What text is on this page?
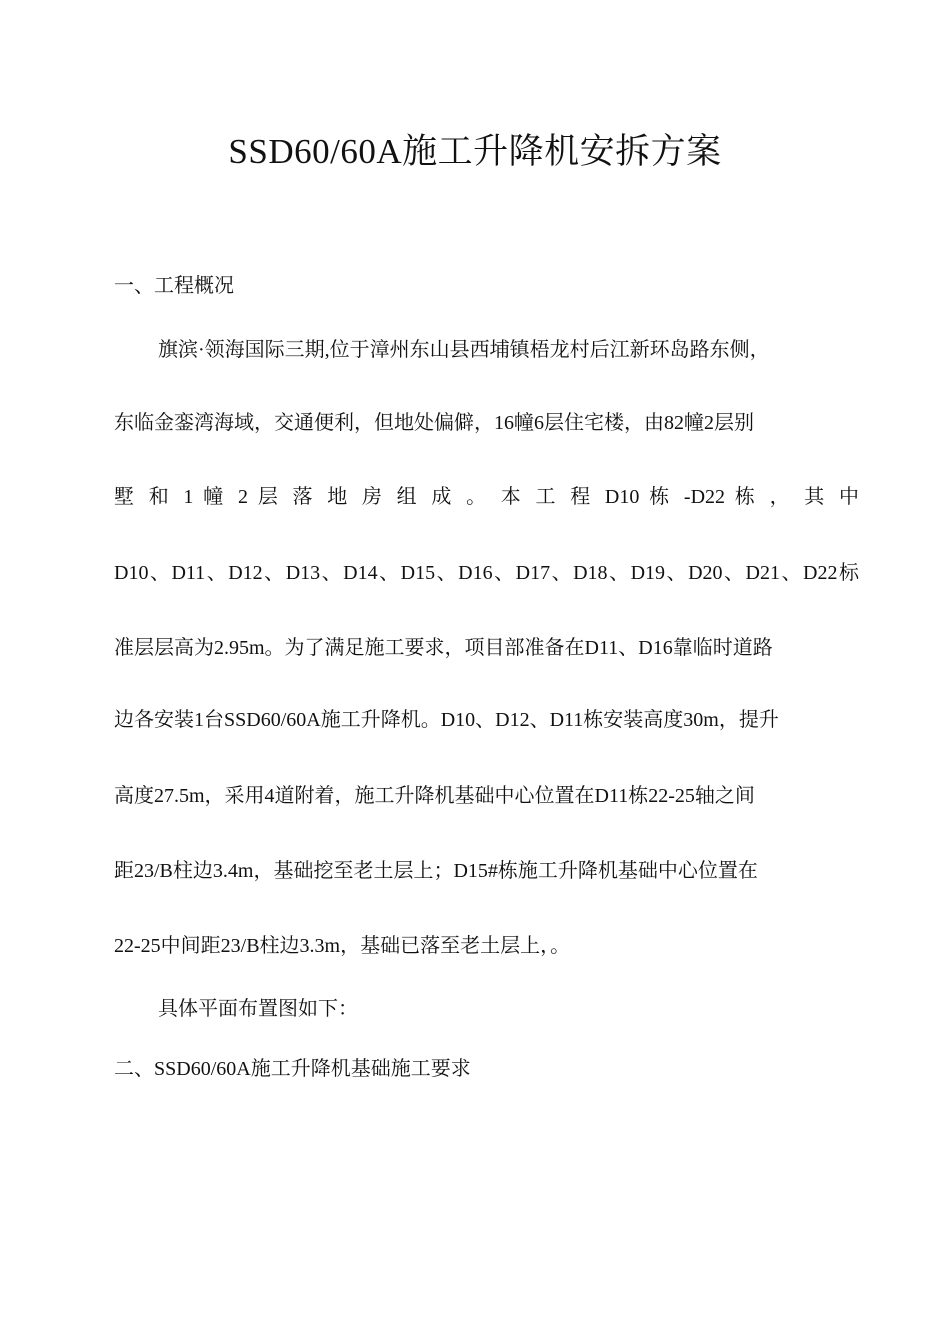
SSD60/60A施工升降机安拆方案
一、工程概况
旗滨·领海国际三期,位于漳州东山县西埔镇梧龙村后江新环岛路东侧，
东临金銮湾海域，交通便利，但地处偏僻，16幢6层住宅楼，由82幢2层别
墅 和 1 幢 2 层 落 地 房 组 成 。 本 工 程 D10 栋 -D22 栋 ， 其 中
D10、D11、D12、D13、D14、D15、D16、D17、D18、D19、D20、D21、D22标
准层层高为2.95m。为了满足施工要求，项目部准备在D11、D16靠临时道路
边各安装1台SSD60/60A施工升降机。D10、D12、D11栋安装高度30m，提升
高度27.5m，采用4道附着，施工升降机基础中心位置在D11栋22-25轴之间
距23/B柱边3.4m，基础挖至老土层上；D15#栋施工升降机基础中心位置在
22-25中间距23/B柱边3.3m，基础已落至老土层上，。
具体平面布置图如下：
二、SSD60/60A施工升降机基础施工要求
